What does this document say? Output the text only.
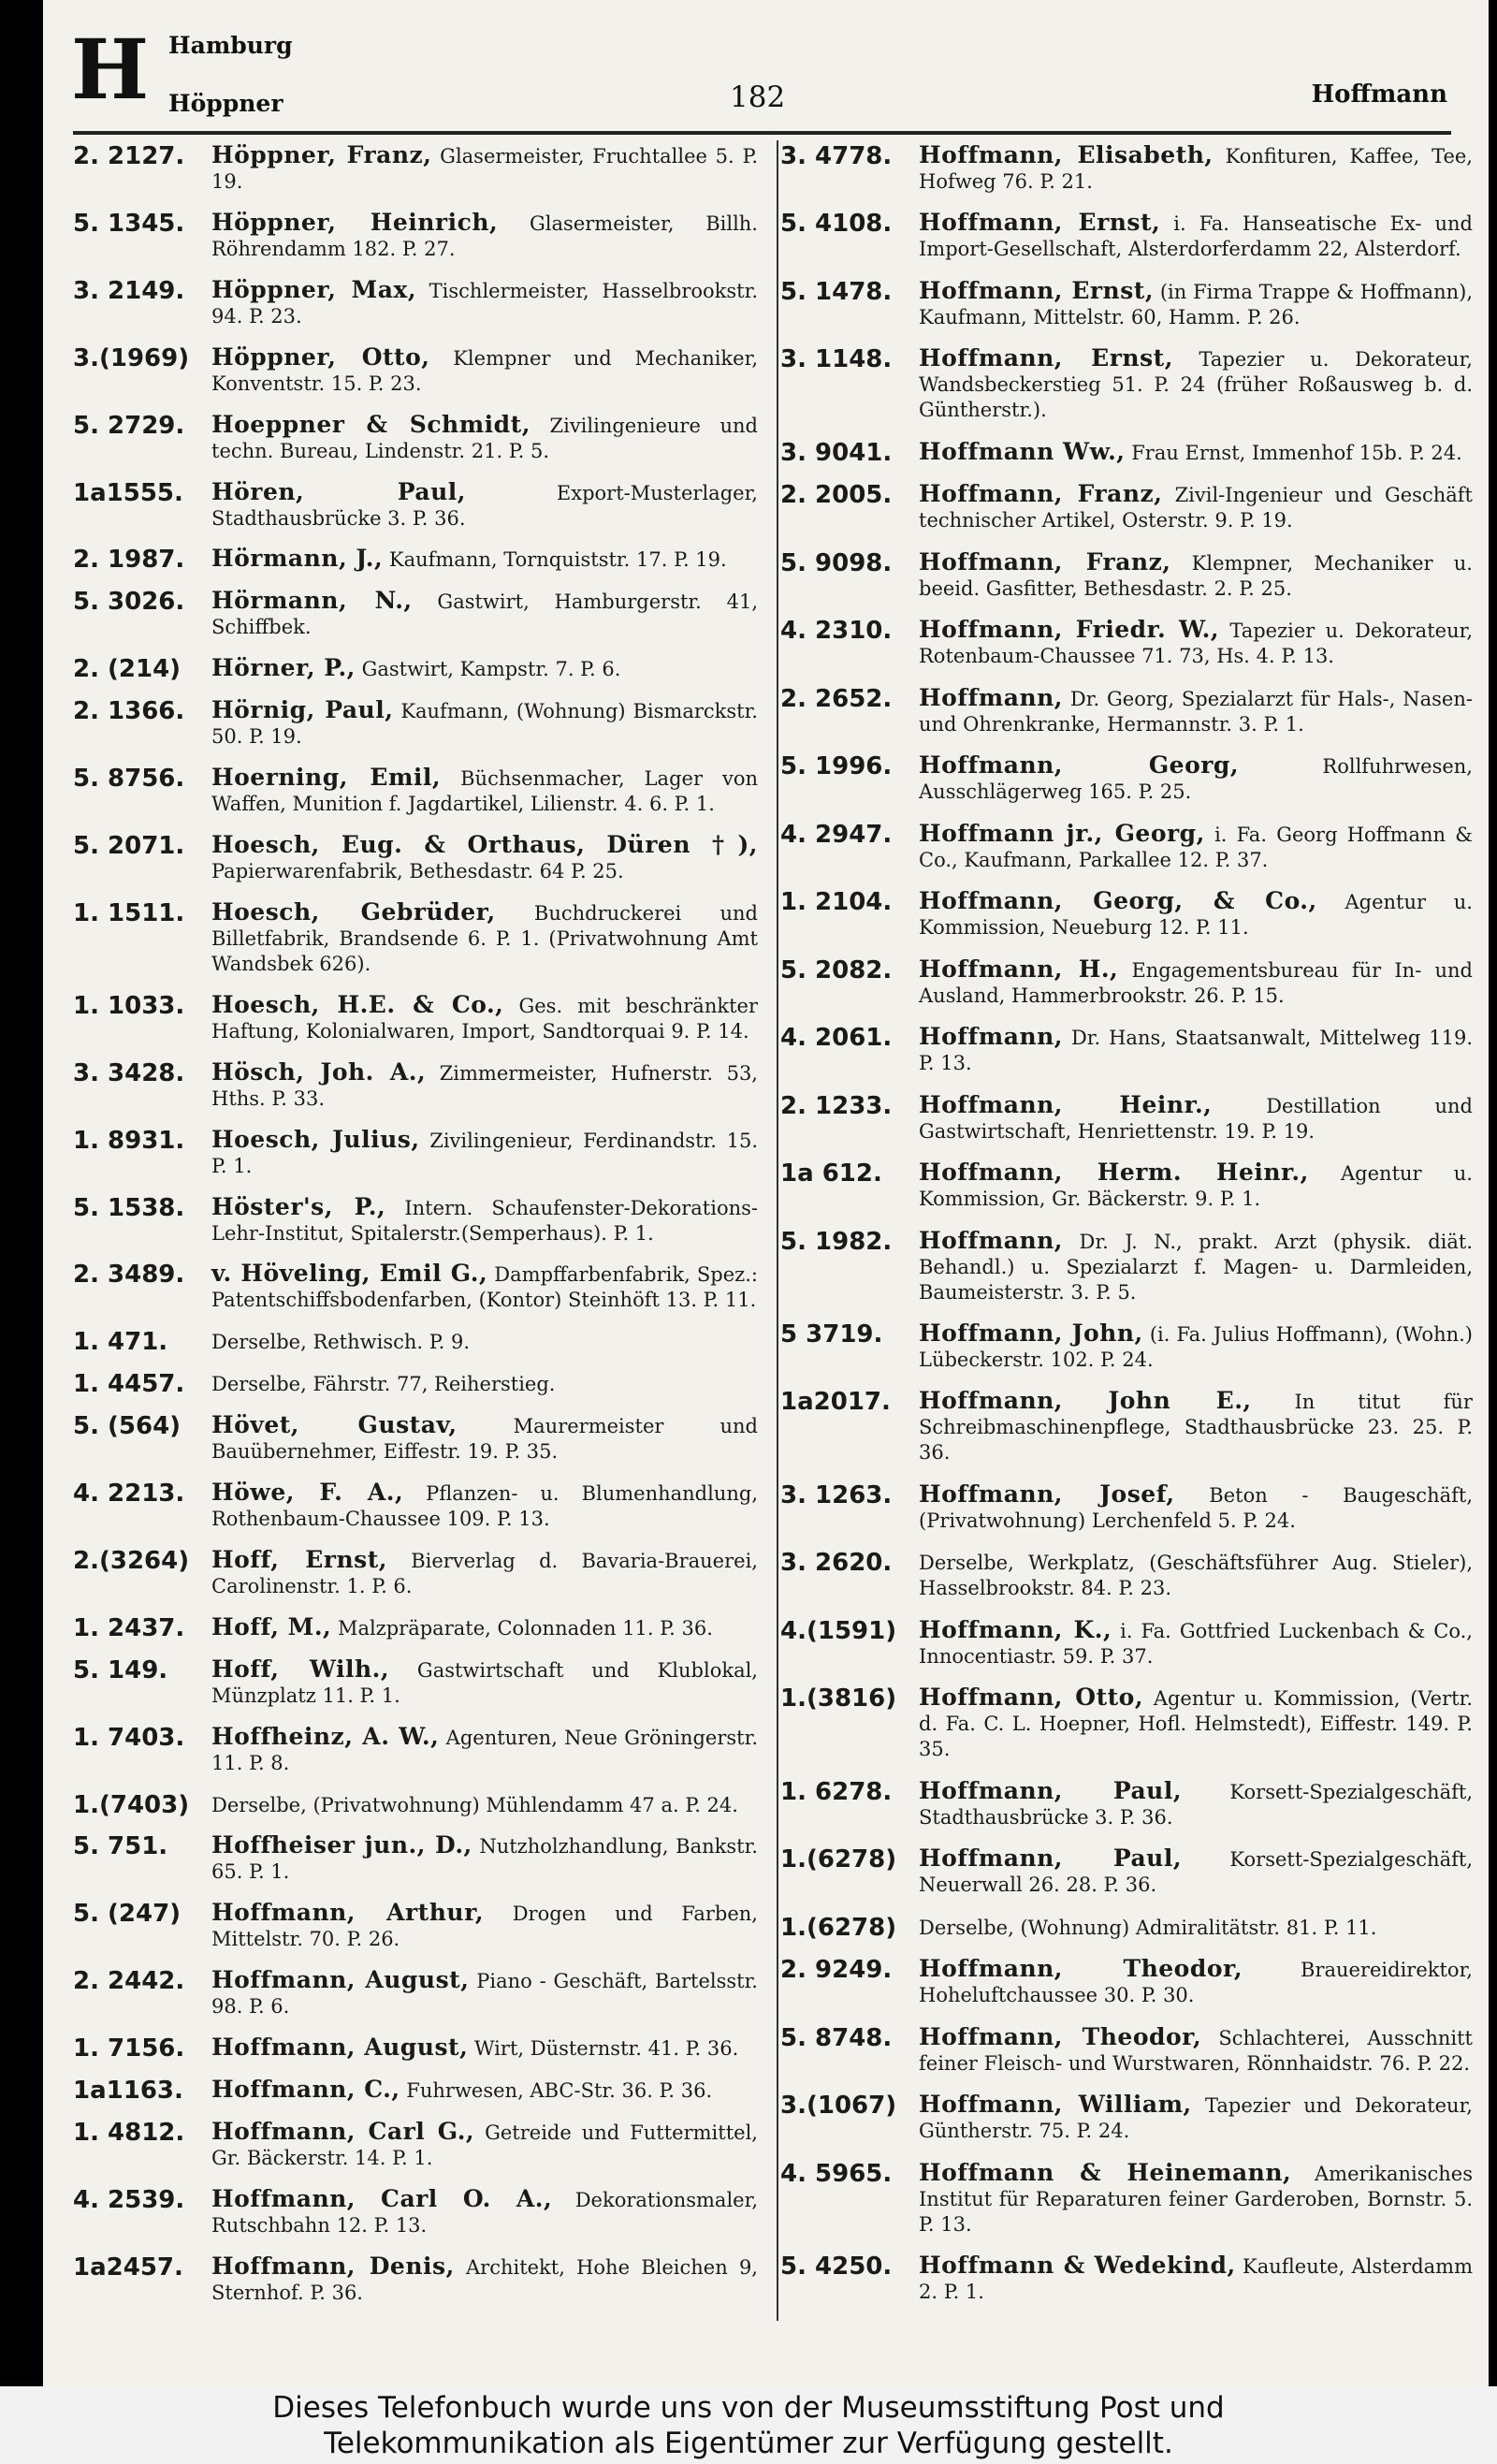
H Hamburg
Höppner	182	Hoffmann
2. 2127.	Höppner, Franz, Glasermeister, Fruchtallee 5. P. 19.
5. 1345.	Höppner, Heinrich, Glasermeister, Billh. Röhrendamm 182. P. 27.
3. 2149.	Höppner, Max, Tischlermeister, Hasselbrookstr. 94. P. 23.
3.(1969) Höppner, Otto, Klempner und Mechaniker, Konventstr. 15. P. 23.
5. 2729.	Hoeppner & Schmidt, Zivilingenieure und techn. Bureau, Lindenstr. 21. P. 5.
1a1555.	Hören, Paul,	Export-Musterlager, Stadthausbrücke 3. P. 36.
2. 1987.	Hörmann, J., Kaufmann, Tornquiststr. 17. P. 19.
5. 3026.	Hörmann, N., Gastwirt, Hamburgerstr. 41, Schiffbek.
2. (214)	Hörner, P., Gastwirt, Kampstr. 7. P. 6.
2. 1366.	Hörnig, Paul, Kaufmann, (Wohnung) Bismarckstr. 50. P. 19.
5. 8756.	Hoerning, Emil, Büchsenmacher, Lager von Waffen, Munition f. Jagdartikel, Lilienstr. 4. 6. P. 1.
5. 2071.	Hoesch, Eug. & Orthaus, Düren †), Papierwarenfabrik, Bethesdastr. 64 P. 25.
1. 1511.	Hoesch, Gebrüder, Buchdruckerei und Billetfabrik, Brandsende 6. P. 1. (Privatwohnung Amt Wandsbek 626).
1. 1033.	Hoesch, H.E. & Co., Ges. mit beschränkter Haftung, Kolonialwaren, Import, Sandtorquai 9. P. 14.
3. 3428.	Hösch, Joh. A., Zimmermeister, Hufnerstr. 53, Hths. P. 33.
1. 8931.	Hoesch, Julius, Zivilingenieur, Ferdinandstr. 15. P. 1.
5. 1538.	Höster's, P., Intern. Schaufenster-Dekorations-Lehr-Institut, Spitalerstr.(Semperhaus). P. 1.
2. 3489.	v. Höveling, Emil G., Dampffarbenfabrik, Spez.: Patentschiffsbodenfarben, (Kontor) Steinhöft 13. P. 11.
1. 471.	Derselbe, Rethwisch. P. 9.
1. 4457.	Derselbe, Fährstr. 77, Reiherstieg.
5. (564)	Hövet, Gustav,	Maurermeister und Bauübernehmer, Eiffestr. 19. P. 35.
4. 2213.	Höwe, F. A., Pflanzen- u. Blumenhandlung, Rothenbaum-Chaussee 109. P. 13.
2.(3264) Hoff, Ernst, Bierverlag d. Bavaria-Brauerei, Carolinenstr. 1. P. 6.
1. 2437.	Hoff, M., Malzpräparate, Colonnaden 11. P. 36.
5. 149.	Hoff, Wilh., Gastwirtschaft und Klublokal, Münzplatz 11. P. 1.
1. 7403.	Hoffheinz, A. W., Agenturen, Neue Gröningerstr. 11. P. 8.
1.(7403)	Derselbe, (Privatwohnung) Mühlendamm 47 a. P. 24.
5. 751.	Hoffheiser jun., D., Nutzholzhandlung, Bankstr. 65. P. 1.
5. (247)	Hoffmann, Arthur, Drogen und Farben, Mittelstr. 70. P. 26.
2. 2442.	Hoffmann, August, Piano - Geschäft, Bartelsstr. 98. P. 6.
1. 7156.	Hoffmann, August, Wirt, Düsternstr. 41. P. 36.
1a1163.	Hoffmann, C., Fuhrwesen, ABC-Str. 36. P. 36.
1. 4812.	Hoffmann, Carl G., Getreide und Futtermittel, Gr. Bäckerstr. 14. P. 1.
4. 2539.	Hoffmann, Carl O. A., Dekorationsmaler, Rutschbahn 12. P. 13.
1a2457.	Hoffmann, Denis, Architekt, Hohe Bleichen 9, Sternhof. P. 36.
3. 4778.	Hoffmann, Elisabeth, Konfituren, Kaffee, Tee, Hofweg 76. P. 21.
5. 4108.	Hoffmann, Ernst, i. Fa. Hanseatische Ex- und Import-Gesellschaft, Alsterdorferdamm 22, Alsterdorf.
5. 1478.	Hoffmann, Ernst, (in Firma Trappe & Hoffmann), Kaufmann, Mittelstr. 60, Hamm. P. 26.
3. 1148.	Hoffmann, Ernst, Tapezier u. Dekorateur, Wandsbeckerstieg 51. P. 24 (früher Roßausweg b. d. Güntherstr.).
3. 9041.	Hoffmann Ww., Frau Ernst, Immenhof 15b. P. 24.
2. 2005.	Hoffmann, Franz, Zivil-Ingenieur und Geschäft technischer Artikel, Osterstr. 9. P. 19.
5. 9098.	Hoffmann, Franz, Klempner, Mechaniker u. beeid. Gasfitter, Bethesdastr. 2. P. 25.
4. 2310.	Hoffmann, Friedr. W., Tapezier u. Dekorateur, Rotenbaum-Chaussee 71. 73, Hs. 4. P. 13.
2. 2652.	Hoffmann, Dr. Georg, Spezialarzt für Hals-, Nasen- und Ohrenkranke, Hermannstr. 3. P. 1.
5. 1996.	Hoffmann, Georg,	Rollfuhrwesen, Ausschlägerweg 165. P. 25.
4. 2947.	Hoffmann jr., Georg, i. Fa. Georg Hoffmann & Co., Kaufmann, Parkallee 12. P. 37.
1. 2104.	Hoffmann, Georg, & Co., Agentur u. Kommission, Neueburg 12. P. 11.
5. 2082.	Hoffmann, H., Engagementsbureau für In- und Ausland, Hammerbrookstr. 26. P. 15.
4. 2061.	Hoffmann, Dr. Hans, Staatsanwalt, Mittelweg 119. P. 13.
2. 1233.	Hoffmann, Heinr.,	Destillation und Gastwirtschaft, Henriettenstr. 19. P. 19.
1a 612.	Hoffmann, Herm. Heinr., Agentur u. Kommission, Gr. Bäckerstr. 9. P. 1.
5. 1982.	Hoffmann, Dr. J. N., prakt. Arzt (physik. diät. Behandl.) u. Spezialarzt f. Magen- u. Darmleiden, Baumeisterstr. 3. P. 5.
5 3719.	Hoffmann, John, (i. Fa. Julius Hoffmann), (Wohn.) Lübeckerstr. 102. P. 24.
1a2017.	Hoffmann, John E., In titut für Schreibmaschinenpflege, Stadthausbrücke 23. 25. P. 36.
3. 1263.	Hoffmann, Josef, Beton - Baugeschäft, (Privatwohnung) Lerchenfeld 5. P. 24.
3. 2620.	Derselbe, Werkplatz, (Geschäftsführer Aug. Stieler), Hasselbrookstr. 84. P. 23.
4.(1591) Hoffmann, K., i. Fa. Gottfried Luckenbach & Co., Innocentiastr. 59. P. 37.
1.(3816) Hoffmann, Otto, Agentur u. Kommission, (Vertr. d. Fa. C. L. Hoepner, Hofl. Helmstedt), Eiffestr. 149. P. 35.
1. 6278.	Hoffmann, Paul, Korsett-Spezialgeschäft, Stadthausbrücke 3. P. 36.
1.(6278) Hoffmann, Paul, Korsett-Spezialgeschäft, Neuerwall 26. 28. P. 36.
1.(6278)	Derselbe, (Wohnung) Admiralitätstr. 81. P. 11.
2. 9249.	Hoffmann, Theodor,	Brauereidirektor, Hoheluftchaussee 30. P. 30.
5. 8748.	Hoffmann, Theodor, Schlachterei, Ausschnitt feiner Fleisch- und Wurstwaren, Rönnhaidstr. 76. P. 22.
3.(1067) Hoffmann, William, Tapezier und Dekorateur, Güntherstr. 75. P. 24.
4. 5965.	Hoffmann & Heinemann, Amerikanisches Institut für Reparaturen feiner Garderoben, Bornstr. 5. P. 13.
5. 4250.	Hoffmann & Wedekind, Kaufleute, Alsterdamm 2. P. 1.
Dieses Telefonbuch wurde uns von der Museumsstiftung Post und
Telekommunikation als Eigentümer zur Verfügung gestellt.
